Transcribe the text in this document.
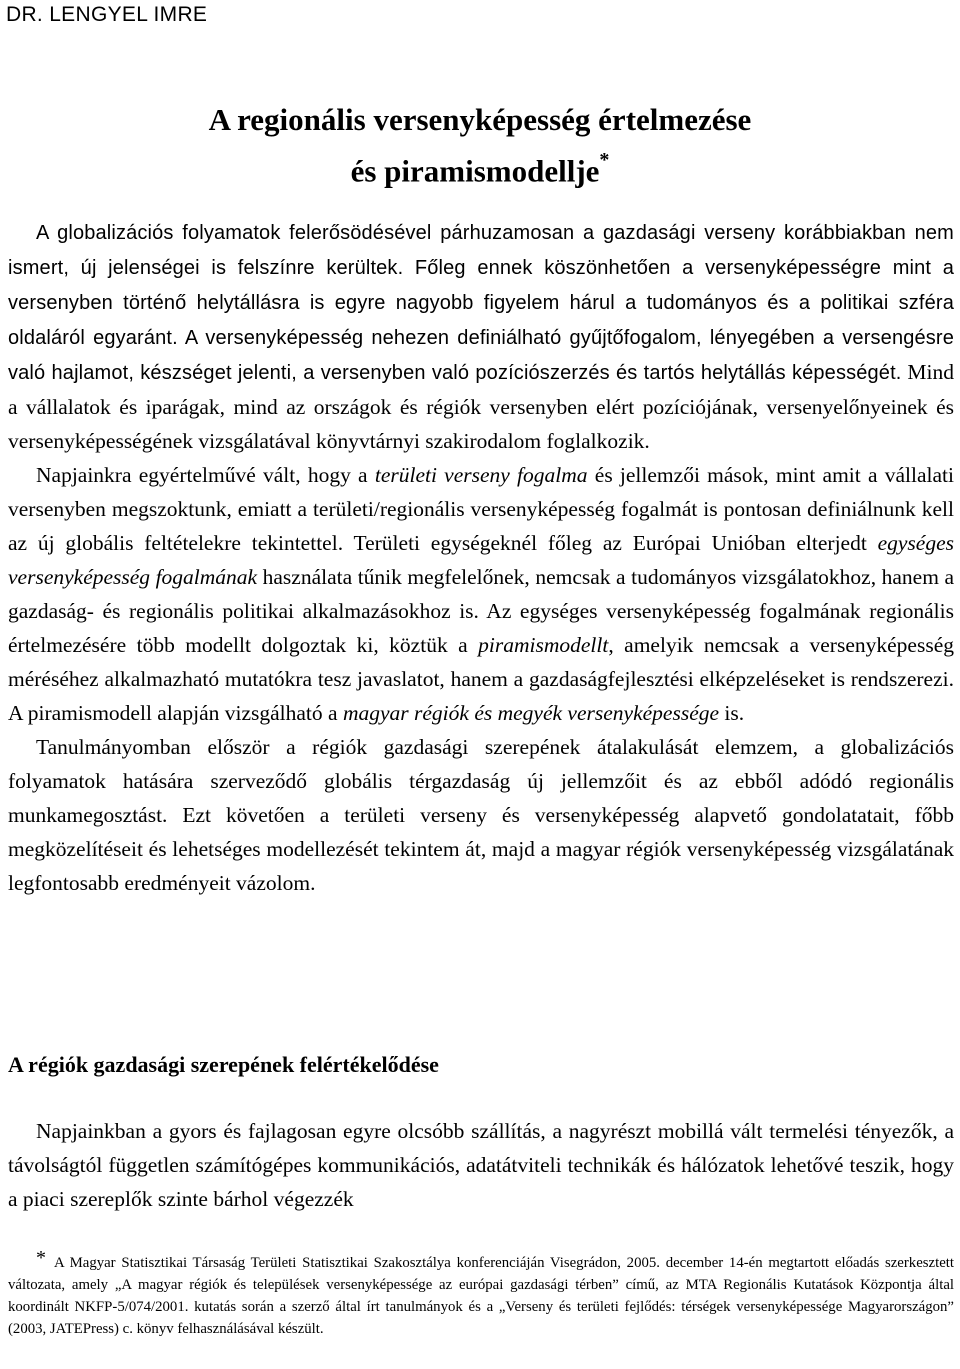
DR. LENGYEL IMRE
A regionális versenyképesség értelmezése
és piramismodellje*

A globalizációs folyamatok felerősödésével párhuzamosan a gazdasági verseny korábbiakban nem ismert, új jelenségei is felszínre kerültek. Főleg ennek köszönhetően a versenyképességre mint a versenyben történő helytállásra is egyre nagyobb figyelem hárul a tudományos és a politikai szféra oldaláról egyaránt. A versenyképesség nehezen definiálható gyűjtőfogalom, lényegében a versengésre való hajlamot, készséget jelenti, a versenyben való pozíciószerzés és tartós helytállás képességét. Mind a vállalatok és iparágak, mind az országok és régiók versenyben elért pozíciójának, versenyelőnyeinek és versenyképességének vizsgálatával könyvtárnyi szakirodalom foglalkozik.

Napjainkra egyértelművé vált, hogy a területi verseny fogalma és jellemzői mások, mint amit a vállalati versenyben megszoktunk, emiatt a területi/regionális versenyképesség fogalmát is pontosan definiálnunk kell az új globális feltételekre tekintettel. Területi egységeknél főleg az Európai Unióban elterjedt egységes versenyképesség fogalmának használata tűnik megfelelőnek, nemcsak a tudományos vizsgálatokhoz, hanem a gazdaság- és regionális politikai alkalmazásokhoz is. Az egységes versenyképesség fogalmának regionális értelmezésére több modellt dolgoztak ki, köztük a piramismodellt, amelyik nemcsak a versenyképesség méréséhez alkalmazható mutatókra tesz javaslatot, hanem a gazdaságfejlesztési elképzeléseket is rendszerezi. A piramismodell alapján vizsgálható a magyar régiók és megyék versenyképessége is.

Tanulmányomban először a régiók gazdasági szerepének átalakulását elemzem, a globalizációs folyamatok hatására szerveződő globális térgazdaság új jellemzőit és az ebből adódó regionális munkamegosztást. Ezt követően a területi verseny és versenyképesség alapvető gondolatatait, főbb megközelítéseit és lehetséges modellezését tekintem át, majd a magyar régiók versenyképesség vizsgálatának legfontosabb eredményeit vázolom.

A régiók gazdasági szerepének felértékelődése

Napjainkban a gyors és fajlagosan egyre olcsóbb szállítás, a nagyrészt mobillá vált termelési tényezők, a távolságtól független számítógépes kommunikációs, adatátviteli technikák és hálózatok lehetővé teszik, hogy a piaci szereplők szinte bárhol végezzék

* A Magyar Statisztikai Társaság Területi Statisztikai Szakosztálya konferenciáján Visegrádon, 2005. december 14-én megtartott előadás szerkesztett változata, amely „A magyar régiók és települések versenyképessége az európai gazdasági térben” című, az MTA Regionális Kutatások Központja által koordinált NKFP-5/074/2001. kutatás során a szerző által írt tanulmányok és a „Verseny és területi fejlődés: térségek versenyképessége Magyarországon” (2003, JATEPress) c. könyv felhasználásával készült.
